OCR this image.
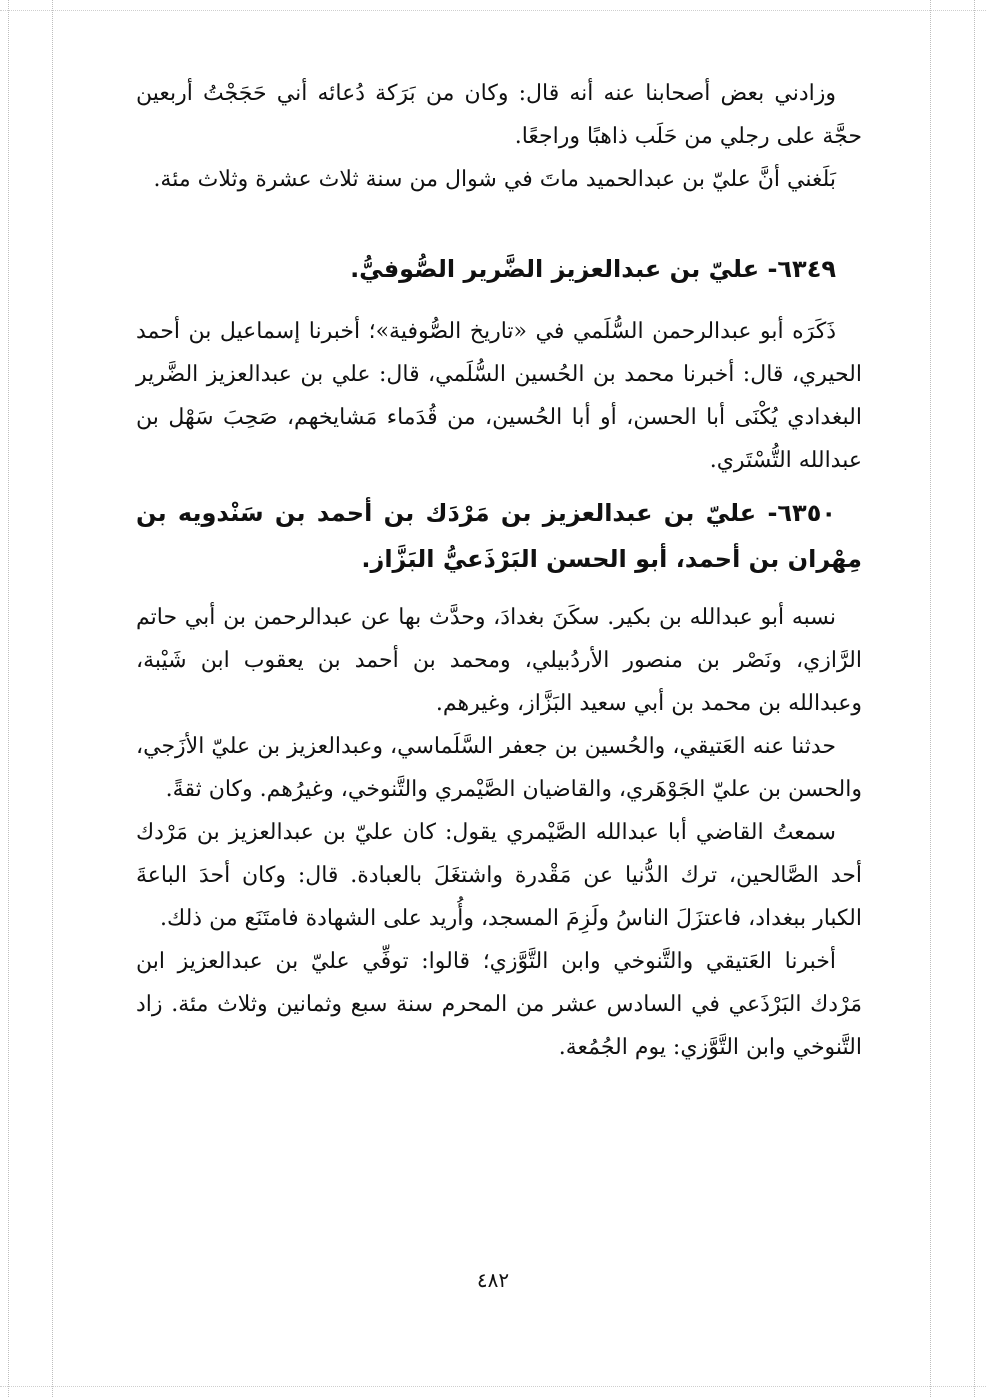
وزادني بعض أصحابنا عنه أنه قال: وكان من بَرَكة دُعائه أني حَجَجْتُ أربعين حجَّة على رجلي من حَلَب ذاهبًا وراجعًا.

بَلَغني أنَّ عليّ بن عبدالحميد ماتَ في شوال من سنة ثلاث عشرة وثلاث مئة.

٦٣٤٩- عليّ بن عبدالعزيز الضَّرير الصُّوفيُّ.

ذَكَرَه أبو عبدالرحمن السُّلَمي في «تاريخ الصُّوفية»؛ أخبرنا إسماعيل بن أحمد الحيري، قال: أخبرنا محمد بن الحُسين السُّلَمي، قال: علي بن عبدالعزيز الضَّرير البغدادي يُكْنَى أبا الحسن، أو أبا الحُسين، من قُدَماء مَشايخهم، صَحِبَ سَهْل بن عبدالله التُّسْتَري.

٦٣٥٠- عليّ بن عبدالعزيز بن مَرْدَك بن أحمد بن سَنْدويه بن مِهْران بن أحمد، أبو الحسن البَرْذَعيُّ البَزَّاز.

نسبه أبو عبدالله بن بكير. سكَنَ بغدادَ، وحدَّث بها عن عبدالرحمن بن أبي حاتم الرَّازي، ونَصْر بن منصور الأردُبيلي، ومحمد بن أحمد بن يعقوب ابن شَيْبة، وعبدالله بن محمد بن أبي سعيد البَزَّاز، وغيرهم.

حدثنا عنه العَتيقي، والحُسين بن جعفر السَّلَماسي، وعبدالعزيز بن عليّ الأزَجي، والحسن بن عليّ الجَوْهَري، والقاضيان الصَّيْمري والتَّنوخي، وغيرُهم. وكان ثقةً.

سمعتُ القاضي أبا عبدالله الصَّيْمري يقول: كان عليّ بن عبدالعزيز بن مَرْدك أحد الصَّالحين، ترك الدُّنيا عن مَقْدرة واشتغَلَ بالعبادة. قال: وكان أحدَ الباعةَ الكبار ببغداد، فاعتزَلَ الناسُ ولَزِمَ المسجد، وأُريد على الشهادة فامتَنَع من ذلك.

أخبرنا العَتيقي والتَّنوخي وابن التَّوَّزي؛ قالوا: توفِّي عليّ بن عبدالعزيز ابن مَرْدك البَرْذَعي في السادس عشر من المحرم سنة سبع وثمانين وثلاث مئة. زاد التَّنوخي وابن التَّوَّزي: يوم الجُمُعة.

٤٨٢
